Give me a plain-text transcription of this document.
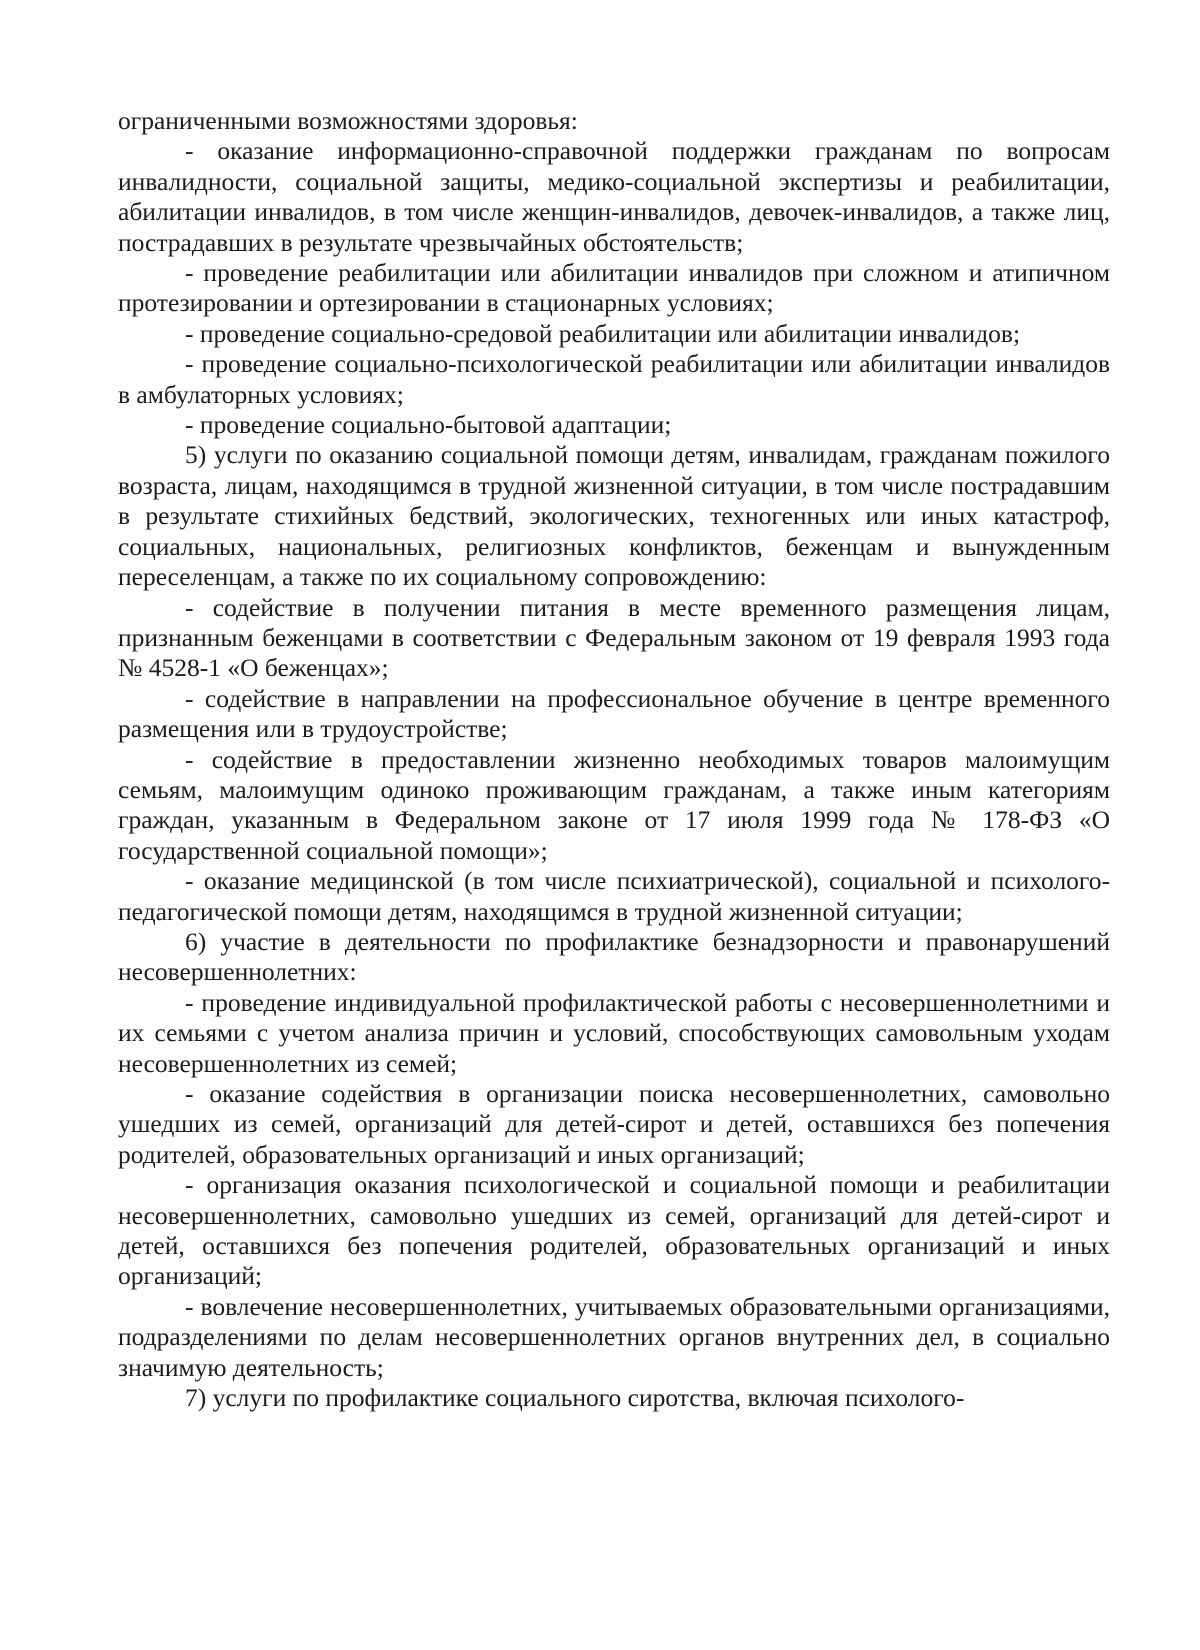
ограниченными возможностями здоровья:

- оказание информационно-справочной поддержки гражданам по вопросам инвалидности, социальной защиты, медико-социальной экспертизы и реабилитации, абилитации инвалидов, в том числе женщин-инвалидов, девочек-инвалидов, а также лиц, пострадавших в результате чрезвычайных обстоятельств;

- проведение реабилитации или абилитации инвалидов при сложном и атипичном протезировании и ортезировании в стационарных условиях;

- проведение социально-средовой реабилитации или абилитации инвалидов;

- проведение социально-психологической реабилитации или абилитации инвалидов в амбулаторных условиях;

- проведение социально-бытовой адаптации;

5) услуги по оказанию социальной помощи детям, инвалидам, гражданам пожилого возраста, лицам, находящимся в трудной жизненной ситуации, в том числе пострадавшим в результате стихийных бедствий, экологических, техногенных или иных катастроф, социальных, национальных, религиозных конфликтов, беженцам и вынужденным переселенцам, а также по их социальному сопровождению:

- содействие в получении питания в месте временного размещения лицам, признанным беженцами в соответствии с Федеральным законом от 19 февраля 1993 года № 4528-1 «О беженцах»;

- содействие в направлении на профессиональное обучение в центре временного размещения или в трудоустройстве;

- содействие в предоставлении жизненно необходимых товаров малоимущим семьям, малоимущим одиноко проживающим гражданам, а также иным категориям граждан, указанным в Федеральном законе от 17 июля 1999 года № 178-ФЗ «О государственной социальной помощи»;

- оказание медицинской (в том числе психиатрической), социальной и психолого-педагогической помощи детям, находящимся в трудной жизненной ситуации;

6) участие в деятельности по профилактике безнадзорности и правонарушений несовершеннолетних:

- проведение индивидуальной профилактической работы с несовершеннолетними и их семьями с учетом анализа причин и условий, способствующих самовольным уходам несовершеннолетних из семей;

- оказание содействия в организации поиска несовершеннолетних, самовольно ушедших из семей, организаций для детей-сирот и детей, оставшихся без попечения родителей, образовательных организаций и иных организаций;

- организация оказания психологической и социальной помощи и реабилитации несовершеннолетних, самовольно ушедших из семей, организаций для детей-сирот и детей, оставшихся без попечения родителей, образовательных организаций и иных организаций;

- вовлечение несовершеннолетних, учитываемых образовательными организациями, подразделениями по делам несовершеннолетних органов внутренних дел, в социально значимую деятельность;

7) услуги по профилактике социального сиротства, включая психолого-
